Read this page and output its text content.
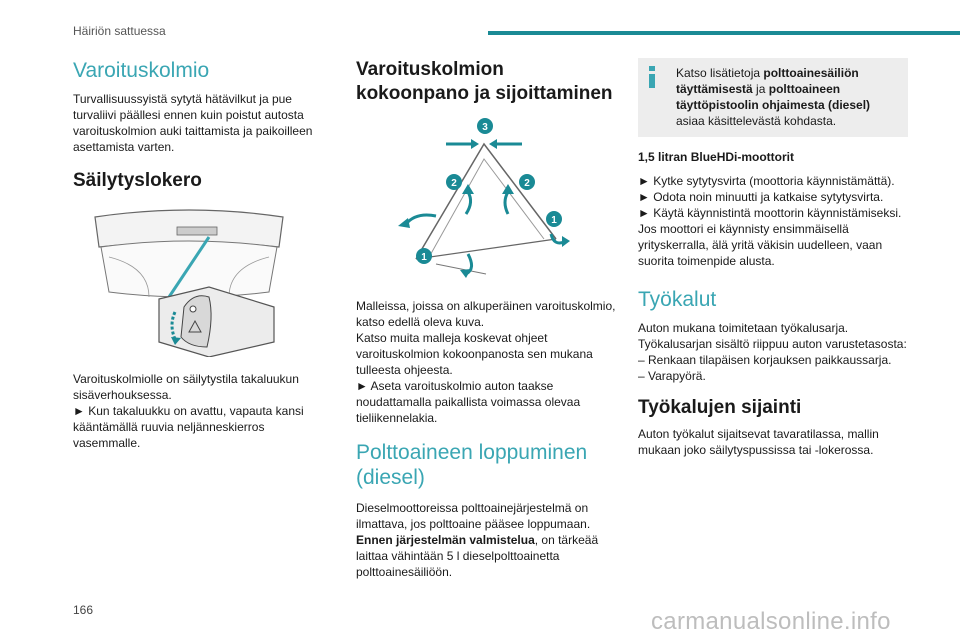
Häiriön sattuessa
Varoituskolmio

Turvallisuussyistä sytytä hätävilkut ja pue turvaliivi päällesi ennen kuin poistut autosta varoituskolmion auki taittamista ja paikoilleen asettamista varten.

Säilytyslokero

Varoituskolmiolle on säilytystila takaluukun sisäverhouksessa.

► Kun takaluukku on avattu, vapauta kansi kääntämällä ruuvia neljänneskierros vasemmalle.

Varoituskolmion kokoonpano ja sijoittaminen
3
2	2
1
1

Malleissa, joissa on alkuperäinen varoituskolmio, katso edellä oleva kuva.

Katso muita malleja koskevat ohjeet varoituskolmion kokoonpanosta sen mukana tulleesta ohjeesta.

► Aseta varoituskolmio auton taakse noudattamalla paikallista voimassa olevaa tieliikennelakia.

Polttoaineen loppuminen (diesel)

Dieselmoottoreissa polttoainejärjestelmä on ilmattava, jos polttoaine pääsee loppumaan.

Ennen järjestelmän valmistelua, on tärkeää laittaa vähintään 5 l dieselpolttoainetta polttoainesäiliöön.

Katso lisätietoja polttoainesäiliön täyttämisestä ja polttoaineen täyttöpistoolin ohjaimesta (diesel) asiaa käsittelevästä kohdasta.

1,5 litran BlueHDi-moottorit

► Kytke sytytysvirta (moottoria käynnistämättä).

► Odota noin minuutti ja katkaise sytytysvirta.

► Käytä käynnistintä moottorin käynnistämiseksi.

Jos moottori ei käynnisty ensimmäisellä yrityskerralla, älä yritä väkisin uudelleen, vaan suorita toimenpide alusta.

Työkalut

Auton mukana toimitetaan työkalusarja.

Työkalusarjan sisältö riippuu auton varustetasosta:

– Renkaan tilapäisen korjauksen paikkaussarja.

– Varapyörä.

Työkalujen sijainti

Auton työkalut sijaitsevat tavaratilassa, mallin mukaan joko säilytyspussissa tai -lokerossa.

166	carmanualsonline.info
